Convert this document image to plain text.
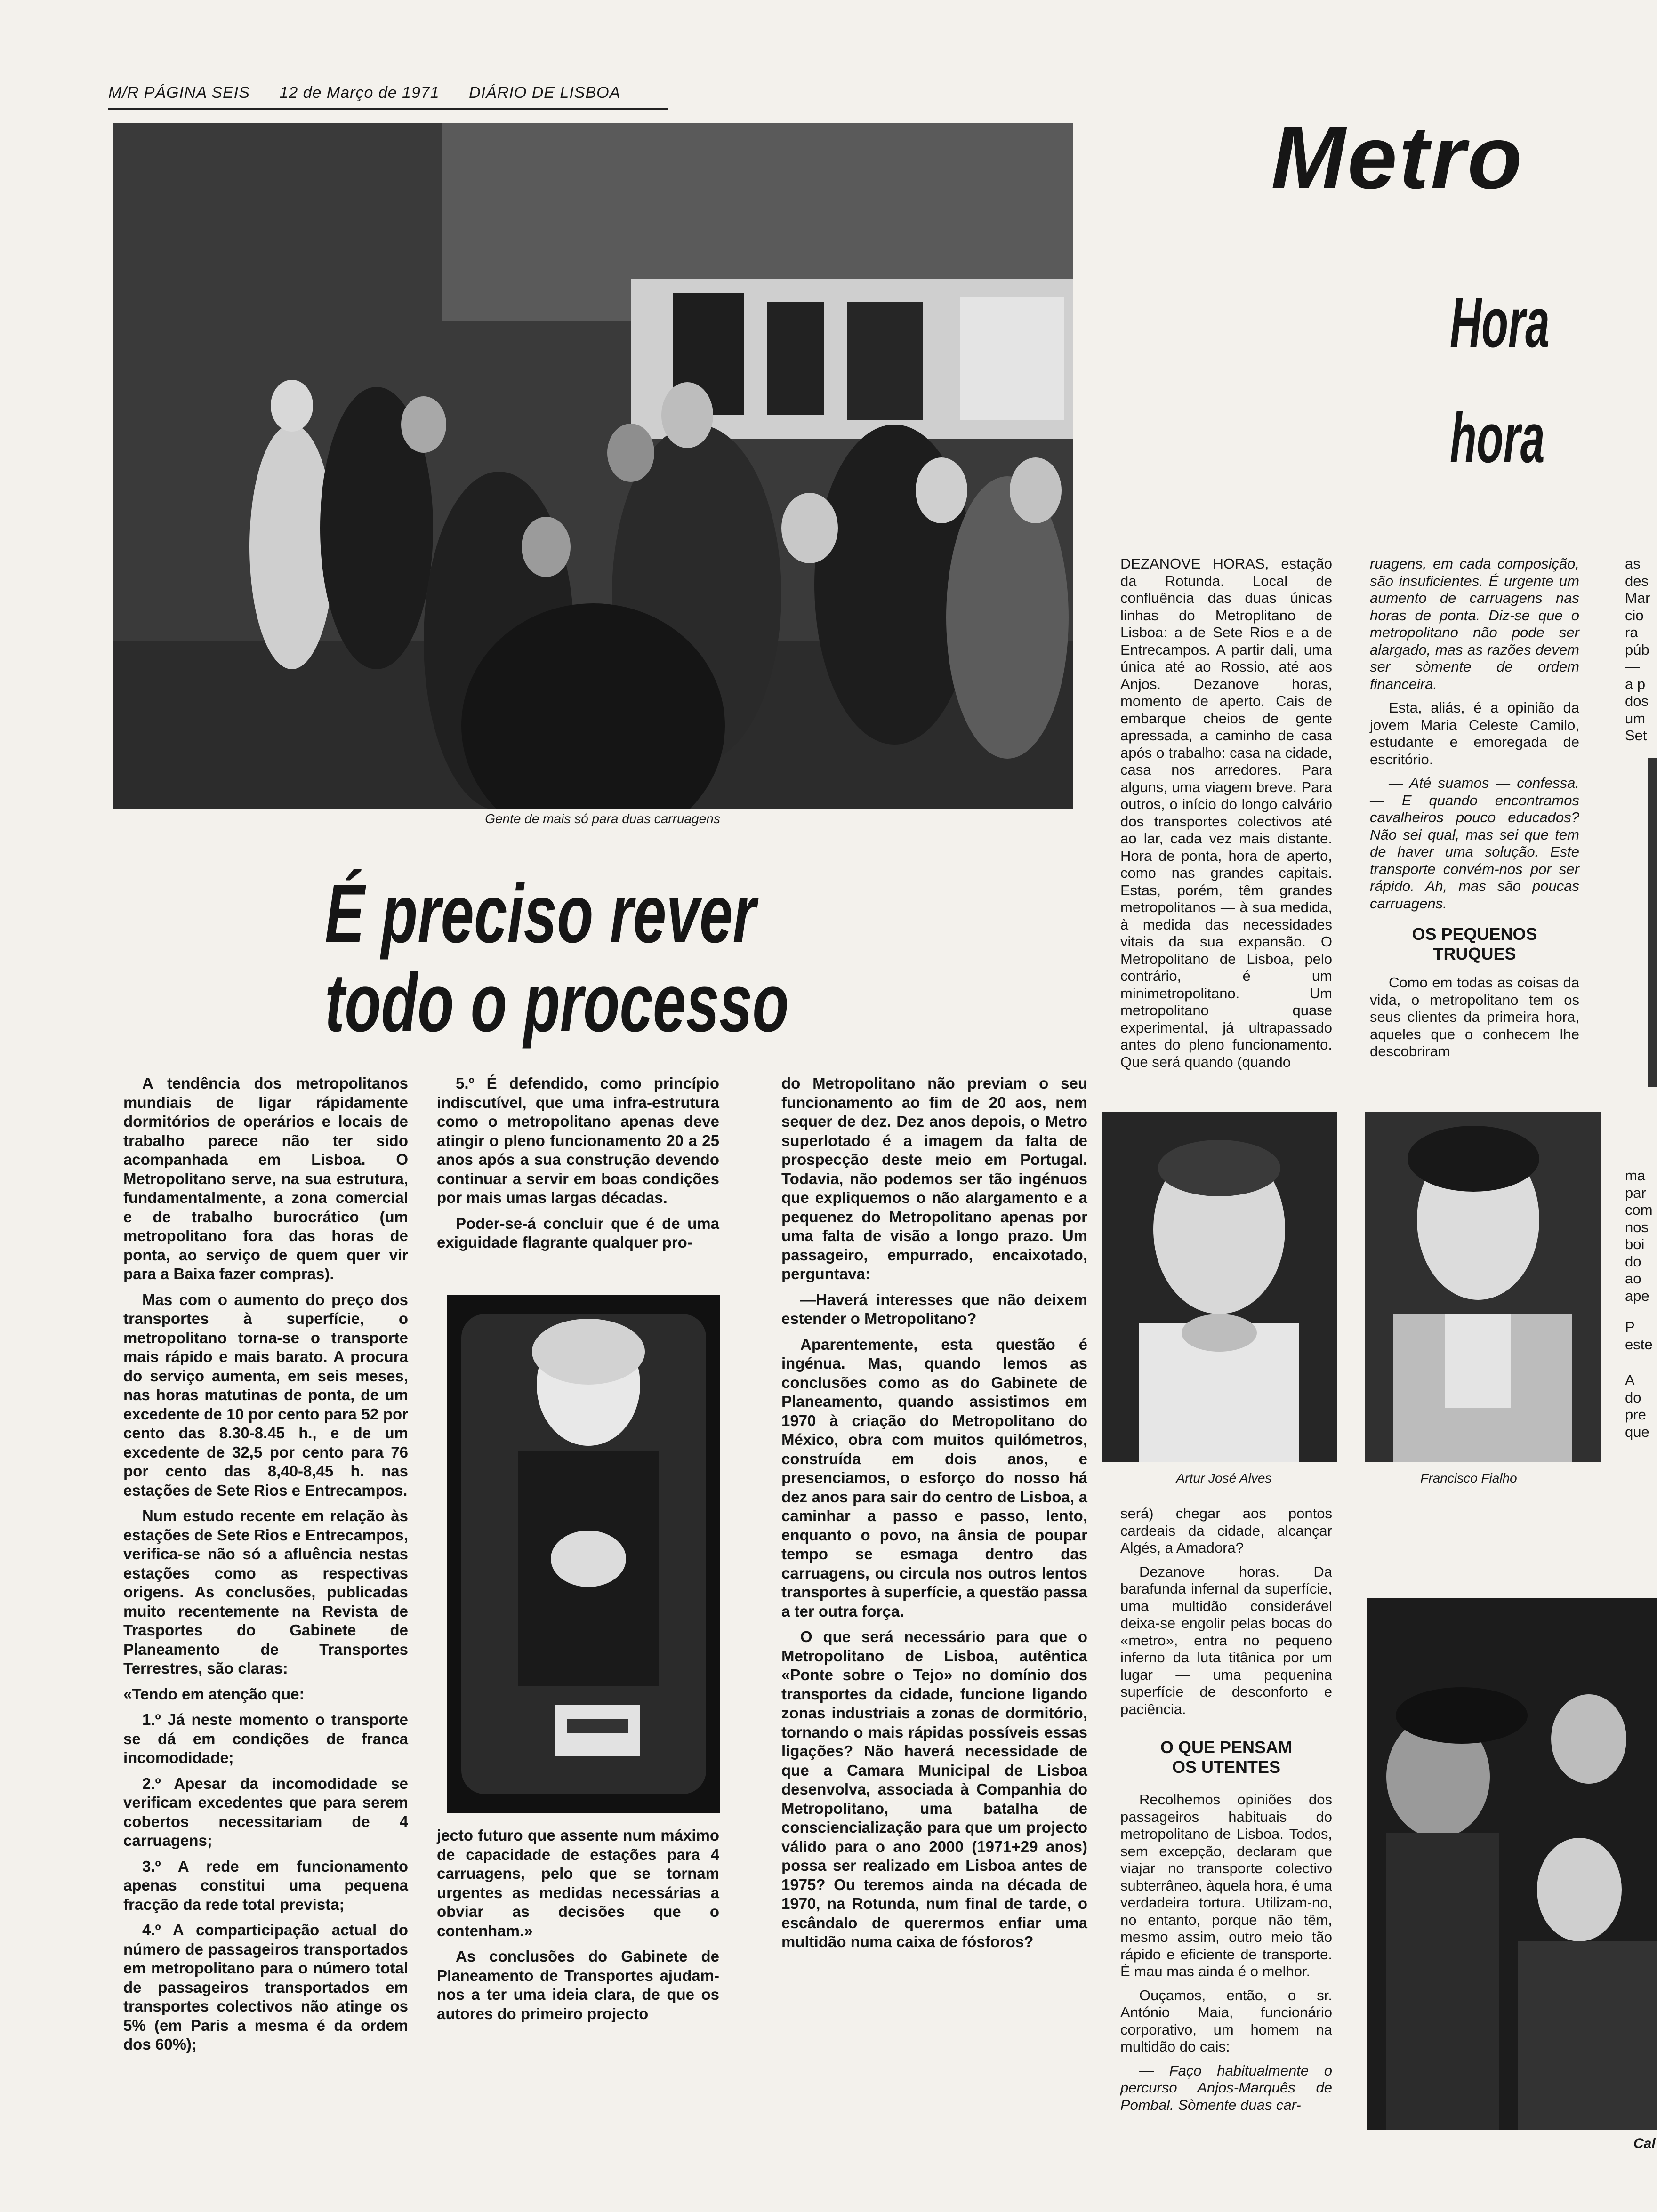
M/R PÁGINA SEIS 12 de Março de 1971 DIÁRIO DE LISBOA
Gente de mais só para duas carruagens
Metro
Hora
hora
É preciso rever
todo o processo

A tendência dos metropolitanos mundiais de ligar rápidamente dormitórios de operários e locais de trabalho parece não ter sido acompanhada em Lisboa. O Metropolitano serve, na sua estrutura, fundamentalmente, a zona comercial e de trabalho burocrático (um metropolitano fora das horas de ponta, ao serviço de quem quer vir para a Baixa fazer compras).

Mas com o aumento do preço dos transportes à superfície, o metropolitano torna-se o transporte mais rápido e mais barato. A procura do serviço aumenta, em seis meses, nas horas matutinas de ponta, de um excedente de 10 por cento para 52 por cento das 8.30-8.45 h., e de um excedente de 32,5 por cento para 76 por cento das 8,40-8,45 h. nas estações de Sete Rios e Entrecampos.

Num estudo recente em relação às estações de Sete Rios e Entrecampos, verifica-se não só a afluência nestas estações como as respectivas origens. As conclusões, publicadas muito recentemente na Revista de Trasportes do Gabinete de Planeamento de Transportes Terrestres, são claras:

«Tendo em atenção que:

1.º Já neste momento o transporte se dá em condições de franca incomodidade;

2.º Apesar da incomodidade se verificam excedentes que para serem cobertos necessitariam de 4 carruagens;

3.º A rede em funcionamento apenas constitui uma pequena fracção da rede total prevista;

4.º A comparticipação actual do número de passageiros transportados em metropolitano para o número total de passageiros transportados em transportes colectivos não atinge os 5% (em Paris a mesma é da ordem dos 60%);

5.º É defendido, como princípio indiscutível, que uma infra-estrutura como o metropolitano apenas deve atingir o pleno funcionamento 20 a 25 anos após a sua construção devendo continuar a servir em boas condições por mais umas largas décadas.

Poder-se-á concluir que é de uma exiguidade flagrante qualquer pro-

jecto futuro que assente num máximo de capacidade de estações para 4 carruagens, pelo que se tornam urgentes as medidas necessárias a obviar as decisões que o contenham.»

As conclusões do Gabinete de Planeamento de Transportes ajudam-nos a ter uma ideia clara, de que os autores do primeiro projecto

do Metropolitano não previam o seu funcionamento ao fim de 20 aos, nem sequer de dez. Dez anos depois, o Metro superlotado é a imagem da falta de prospecção deste meio em Portugal. Todavia, não podemos ser tão ingénuos que expliquemos o não alargamento e a pequenez do Metropolitano apenas por uma falta de visão a longo prazo. Um passageiro, empurrado, encaixotado, perguntava:

—Haverá interesses que não deixem estender o Metropolitano?

Aparentemente, esta questão é ingénua. Mas, quando lemos as conclusões como as do Gabinete de Planeamento, quando assistimos em 1970 à criação do Metropolitano do México, obra com muitos quilómetros, construída em dois anos, e presenciamos, o esforço do nosso há dez anos para sair do centro de Lisboa, a caminhar a passo e passo, lento, enquanto o povo, na ânsia de poupar tempo se esmaga dentro das carruagens, ou circula nos outros lentos transportes à superfície, a questão passa a ter outra força.

O que será necessário para que o Metropolitano de Lisboa, autêntica «Ponte sobre o Tejo» no domínio dos transportes da cidade, funcione ligando zonas industriais a zonas de dormitório, tornando o mais rápidas possíveis essas ligações? Não haverá necessidade de que a Camara Municipal de Lisboa desenvolva, associada à Companhia do Metropolitano, uma batalha de consciencialização para que um projecto válido para o ano 2000 (1971+29 anos) possa ser realizado em Lisboa antes de 1975? Ou teremos ainda na década de 1970, na Rotunda, num final de tarde, o escândalo de querermos enfiar uma multidão numa caixa de fósforos?

DEZANOVE HORAS, estação da Rotunda. Local de confluência das duas únicas linhas do Metroplitano de Lisboa: a de Sete Rios e a de Entrecampos. A partir dali, uma única até ao Rossio, até aos Anjos. Dezanove horas, momento de aperto. Cais de embarque cheios de gente apressada, a caminho de casa após o trabalho: casa na cidade, casa nos arredores. Para alguns, uma viagem breve. Para outros, o início do longo calvário dos transportes colectivos até ao lar, cada vez mais distante. Hora de ponta, hora de aperto, como nas grandes capitais. Estas, porém, têm grandes metropolitanos — à sua medida, à medida das necessidades vitais da sua expansão. O Metropolitano de Lisboa, pelo contrário, é um minimetropolitano. Um metropolitano quase experimental, já ultrapassado antes do pleno funcionamento. Que será quando (quando

Artur José Alves	Francisco Fialho

será) chegar aos pontos cardeais da cidade, alcançar Algés, a Amadora?

Dezanove horas. Da barafunda infernal da superfície, uma multidão considerável deixa-se engolir pelas bocas do «metro», entra no pequeno inferno da luta titânica por um lugar — uma pequenina superfície de desconforto e paciência.

O QUE PENSAM
OS UTENTES

Recolhemos opiniões dos passageiros habituais do metropolitano de Lisboa. Todos, sem excepção, declaram que viajar no transporte colectivo subterrâneo, àquela hora, é uma verdadeira tortura. Utilizam-no, no entanto, porque não têm, mesmo assim, outro meio tão rápido e eficiente de transporte. É mau mas ainda é o melhor.

Ouçamos, então, o sr. António Maia, funcionário corporativo, um homem na multidão do cais:

— Faço habitualmente o percurso Anjos-Marquês de Pombal. Sòmente duas car-

ruagens, em cada composição, são insuficientes. É urgente um aumento de carruagens nas horas de ponta. Diz-se que o metropolitano não pode ser alargado, mas as razões devem ser sòmente de ordem financeira.

Esta, aliás, é a opinião da jovem Maria Celeste Camilo, estudante e emoregada de escritório.

— Até suamos — confessa. — E quando encontramos cavalheiros pouco educados? Não sei qual, mas sei que tem de haver uma solução. Este transporte convém-nos por ser rápido. Ah, mas são poucas carruagens.

OS PEQUENOS
TRUQUES

Como em todas as coisas da vida, o metropolitano tem os seus clientes da primeira hora, aqueles que o conhecem lhe descobriram

as
des
Mar
cio
ra
púb
—
a p
dos
um
Set
ma
par
com
nos
boi
do
ao
ape
P
este
A
do
pre
que
Cal
